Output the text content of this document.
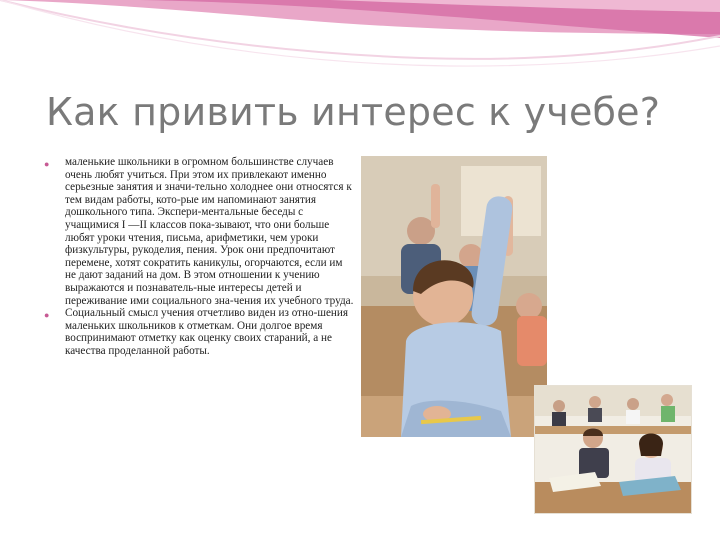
Как привить интерес к учебе?
● маленькие школьники в огромном большинстве случаев очень любят учиться. При этом их привлекают именно серьезные занятия и значи-тельно холоднее они относятся к тем видам работы, кото-рые им напоминают занятия дошкольного типа. Экспери-ментальные беседы с учащимися I —II классов пока-зывают, что они больше любят уроки чтения, письма, арифметики, чем уроки физкультуры, рукоделия, пения. Урок они предпочитают перемене, хотят сократить каникулы, огорчаются, если им не дают заданий на дом. В этом отношении к учению выражаются и познаватель-ные интересы детей и переживание ими социального зна-чения их учебного труда.
● Социальный смысл учения отчетливо виден из отно-шения маленьких школьников к отметкам. Они долгое время воспринимают отметку как оценку своих стараний, а не качества проделанной работы.
